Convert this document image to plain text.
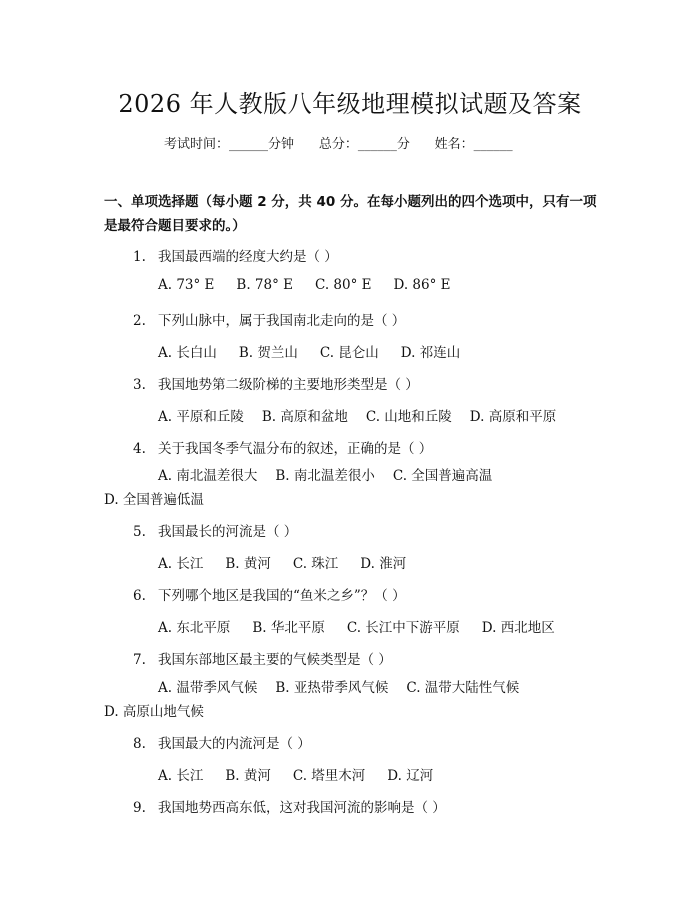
2026 年人教版八年级地理模拟试题及答案
考试时间：______分钟 总分：______分 姓名：______
一、单项选择题（每小题 2 分，共 40 分。在每小题列出的四个选项中，只有一项是最符合题目要求的。）
1. 我国最西端的经度大约是（ ）
A. 73° E B. 78° E C. 80° E D. 86° E
2. 下列山脉中，属于我国南北走向的是（ ）
A. 长白山 B. 贺兰山 C. 昆仑山 D. 祁连山
3. 我国地势第二级阶梯的主要地形类型是（ ）
A. 平原和丘陵 B. 高原和盆地 C. 山地和丘陵 D. 高原和平原
4. 关于我国冬季气温分布的叙述，正确的是（ ）
A. 南北温差很大 B. 南北温差很小 C. 全国普遍高温D. 全国普遍低温
5. 我国最长的河流是（ ）
A. 长江 B. 黄河 C. 珠江 D. 淮河
6. 下列哪个地区是我国的“鱼米之乡”？（ ）
A. 东北平原 B. 华北平原 C. 长江中下游平原 D. 西北地区
7. 我国东部地区最主要的气候类型是（ ）
A. 温带季风气候 B. 亚热带季风气候 C. 温带大陆性气候D. 高原山地气候
8. 我国最大的内流河是（ ）
A. 长江 B. 黄河 C. 塔里木河 D. 辽河
9. 我国地势西高东低，这对我国河流的影响是（ ）
